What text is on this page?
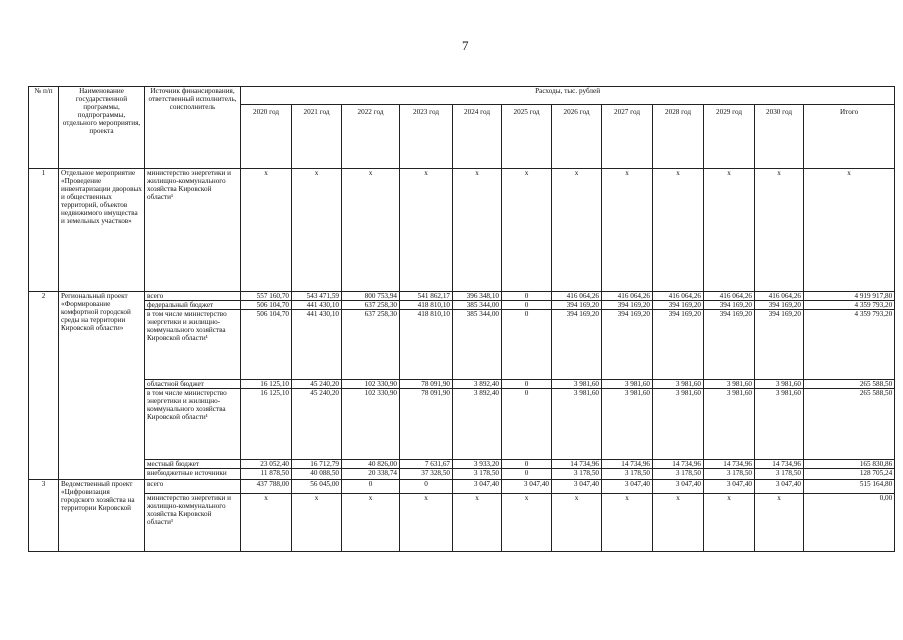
7
№ п/п	Наименование государственной программы, подпрограммы, отдельного мероприятия, проекта	Источник финансирования, ответственный исполнитель, соисполнитель	Расходы, тыс. рублей											
			2020 год	2021 год	2022 год	2023 год	2024 год	2025 год	2026 год	2027 год	2028 год	2029 год	2030 год	Итого
1	Отдельное мероприятие «Проведение инвентаризации дворовых и общественных территорий, объектов недвижимого имущества и земельных участков»	министерство энергетики и жилищно-коммунального хозяйства Кировской области¹	x	x	x	x	x	x	x	x	x	x	x	x
2	Региональный проект «Формирование комфортной городской среды на территории Кировской области»	всего	557 160,70	543 471,59	800 753,94	541 862,17	396 348,10	0	416 064,26	416 064,26	416 064,26	416 064,26	416 064,26	4 919 917,80
		федеральный бюджет	506 104,70	441 430,10	637 258,30	418 810,10	385 344,00	0	394 169,20	394 169,20	394 169,20	394 169,20	394 169,20	4 359 793,20
		в том числе министерство энергетики и жилищно-коммунального хозяйства Кировской области¹	506 104,70	441 430,10	637 258,30	418 810,10	385 344,00	0	394 169,20	394 169,20	394 169,20	394 169,20	394 169,20	4 359 793,20
		областной бюджет	16 125,10	45 240,20	102 330,90	78 091,90	3 892,40	0	3 981,60	3 981,60	3 981,60	3 981,60	3 981,60	265 588,50
		в том числе министерство энергетики и жилищно-коммунального хозяйства Кировской области¹	16 125,10	45 240,20	102 330,90	78 091,90	3 892,40	0	3 981,60	3 981,60	3 981,60	3 981,60	3 981,60	265 588,50
		местный бюджет	23 052,40	16 712,79	40 826,00	7 631,67	3 933,20	0	14 734,96	14 734,96	14 734,96	14 734,96	14 734,96	165 830,86
		внебюджетные источники	11 878,50	40 088,50	20 338,74	37 328,50	3 178,50	0	3 178,50	3 178,50	3 178,50	3 178,50	3 178,50	128 705,24
3	Ведомственный проект «Цифровизация городского хозяйства на территории Кировской	всего	437 788,00	56 045,00	0	0	3 047,40	3 047,40	3 047,40	3 047,40	3 047,40	3 047,40	3 047,40	515 164,80
		министерство энергетики и жилищно-коммунального хозяйства Кировской области¹	x	x	x	x	x	x	x	x	x	x	x	0,00
